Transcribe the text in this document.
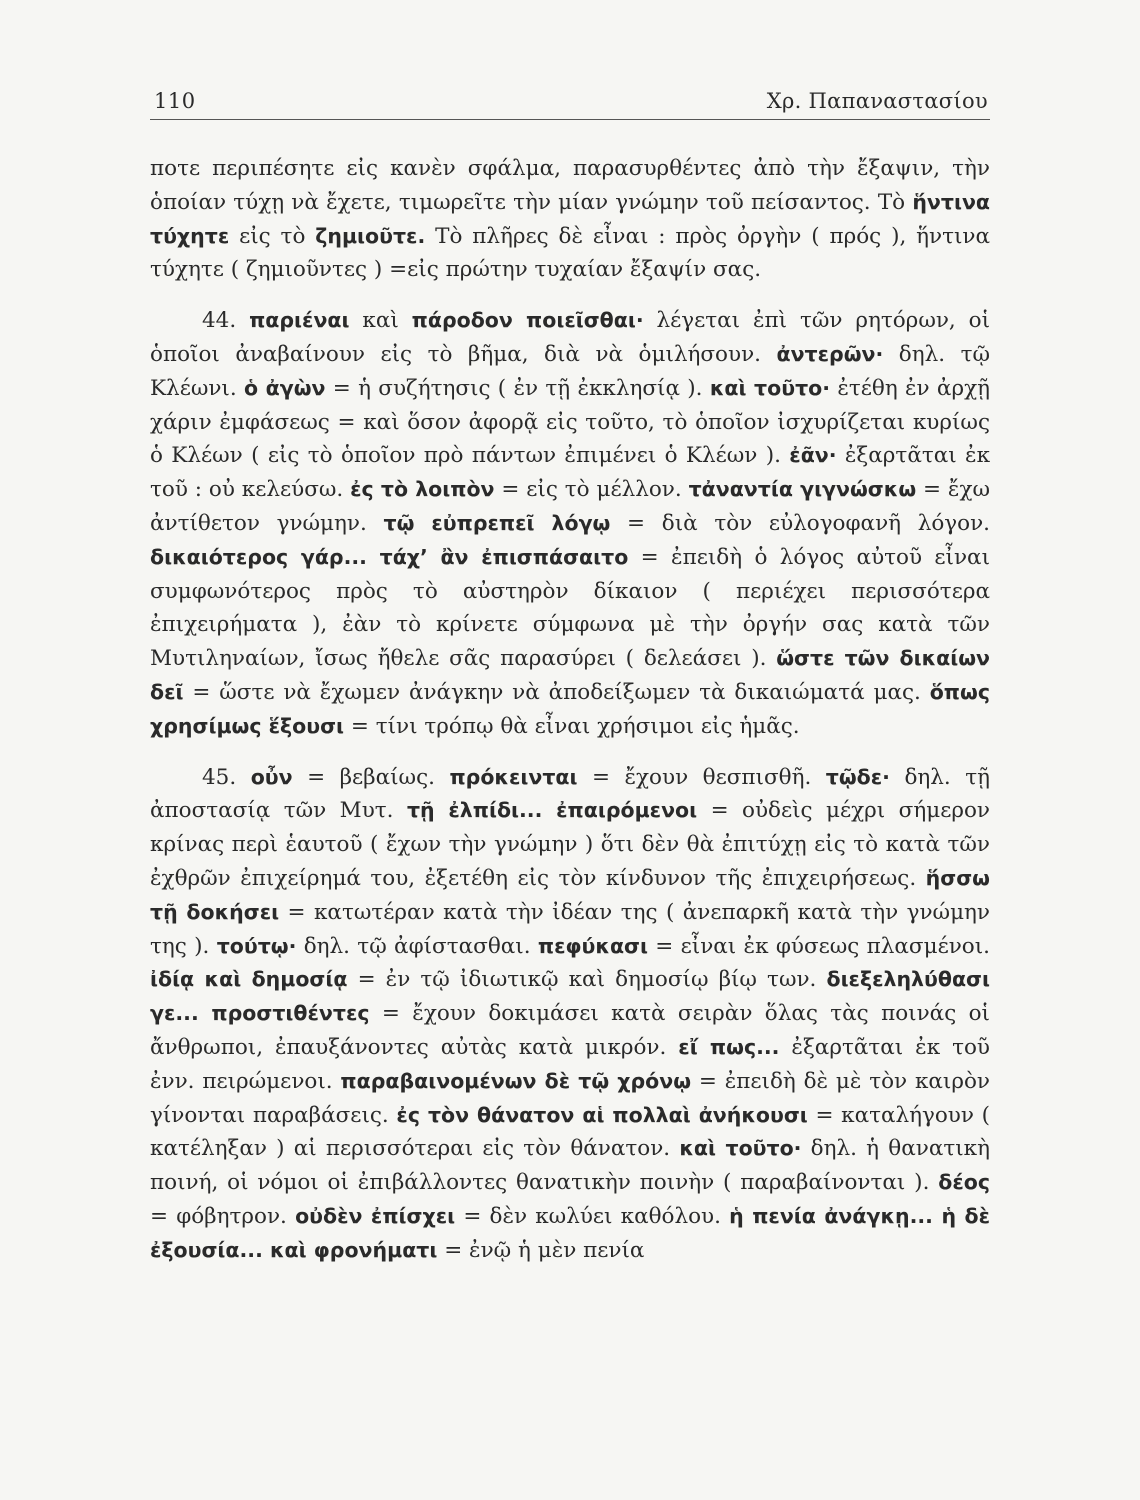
110	Χρ. Παπαναστασίου

ποτε περιπέσητε εἰς κανὲν σφάλμα, παρασυρθέντες ἀπὸ τὴν ἔξαψιν, τὴν ὁποίαν τύχῃ νὰ ἔχετε, τιμωρεῖτε τὴν μίαν γνώμην τοῦ πείσαντος. Τὸ ἥντινα τύχητε εἰς τὸ ζημιοῦτε. Τὸ πλῆρες δὲ εἶναι : πρὸς ὀργὴν ( πρός ), ἥντινα τύχητε ( ζημιοῦντες ) =εἰς πρώτην τυχαίαν ἔξαψίν σας.

44. παριέναι καὶ πάροδον ποιεῖσθαι· λέγεται ἐπὶ τῶν ρητόρων, οἱ ὁποῖοι ἀναβαίνουν εἰς τὸ βῆμα, διὰ νὰ ὁμιλήσουν. ἀντερῶν· δηλ. τῷ Κλέωνι. ὁ ἀγὼν = ἡ συζήτησις ( ἐν τῇ ἐκκλησίᾳ ). καὶ τοῦτο· ἐτέθη ἐν ἀρχῇ χάριν ἐμφάσεως = καὶ ὅσον ἀφορᾷ εἰς τοῦτο, τὸ ὁποῖον ἰσχυρίζεται κυρίως ὁ Κλέων ( εἰς τὸ ὁποῖον πρὸ πάντων ἐπιμένει ὁ Κλέων ). ἐᾶν· ἐξαρτᾶται ἐκ τοῦ : οὐ κελεύσω. ἐς τὸ λοιπὸν = εἰς τὸ μέλλον. τἀναντία γιγνώσκω = ἔχω ἀντίθετον γνώμην. τῷ εὐπρεπεῖ λόγῳ = διὰ τὸν εὐλογοφανῆ λόγον. δικαιότερος γάρ... τάχ’ ἂν ἐπισπάσαιτο = ἐπειδὴ ὁ λόγος αὐτοῦ εἶναι συμφωνότερος πρὸς τὸ αὐστηρὸν δίκαιον ( περιέχει περισσότερα ἐπιχειρήματα ), ἐὰν τὸ κρίνετε σύμφωνα μὲ τὴν ὀργήν σας κατὰ τῶν Μυτιληναίων, ἴσως ἤθελε σᾶς παρασύρει ( δελεάσει ). ὥστε τῶν δικαίων δεῖ = ὥστε νὰ ἔχωμεν ἀνάγκην νὰ ἀποδείξωμεν τὰ δικαιώματά μας. ὅπως χρησίμως ἕξουσι = τίνι τρόπῳ θὰ εἶναι χρήσιμοι εἰς ἡμᾶς.

45. οὖν = βεβαίως. πρόκεινται = ἔχουν θεσπισθῆ. τῷδε· δηλ. τῇ ἀποστασίᾳ τῶν Μυτ. τῇ ἐλπίδι... ἐπαιρόμενοι = οὐδεὶς μέχρι σήμερον κρίνας περὶ ἑαυτοῦ ( ἔχων τὴν γνώμην ) ὅτι δὲν θὰ ἐπιτύχῃ εἰς τὸ κατὰ τῶν ἐχθρῶν ἐπιχείρημά του, ἐξετέθη εἰς τὸν κίνδυνον τῆς ἐπιχειρήσεως. ἥσσω τῇ δοκήσει = κατωτέραν κατὰ τὴν ἰδέαν της ( ἀνεπαρκῆ κατὰ τὴν γνώμην της ). τούτῳ· δηλ. τῷ ἀφίστασθαι. πεφύκασι = εἶναι ἐκ φύσεως πλασμένοι. ἰδίᾳ καὶ δημοσίᾳ = ἐν τῷ ἰδιωτικῷ καὶ δημοσίῳ βίῳ των. διεξεληλύθασι γε... προστιθέντες = ἔχουν δοκιμάσει κατὰ σειρὰν ὅλας τὰς ποινάς οἱ ἄνθρωποι, ἐπαυξάνοντες αὐτὰς κατὰ μικρόν. εἴ πως... ἐξαρτᾶται ἐκ τοῦ ἐνν. πειρώμενοι. παραβαινομένων δὲ τῷ χρόνῳ = ἐπειδὴ δὲ μὲ τὸν καιρὸν γίνονται παραβάσεις. ἐς τὸν θάνατον αἱ πολλαὶ ἀνήκουσι = καταλήγουν ( κατέληξαν ) αἱ περισσότεραι εἰς τὸν θάνατον. καὶ τοῦτο· δηλ. ἡ θανατικὴ ποινή, οἱ νόμοι οἱ ἐπιβάλλοντες θανατικὴν ποινὴν ( παραβαίνονται ). δέος = φόβητρον. οὐδὲν ἐπίσχει = δὲν κωλύει καθόλου. ἡ πενία ἀνάγκῃ... ἡ δὲ ἐξουσία... καὶ φρονήματι = ἐνῷ ἡ μὲν πενία
